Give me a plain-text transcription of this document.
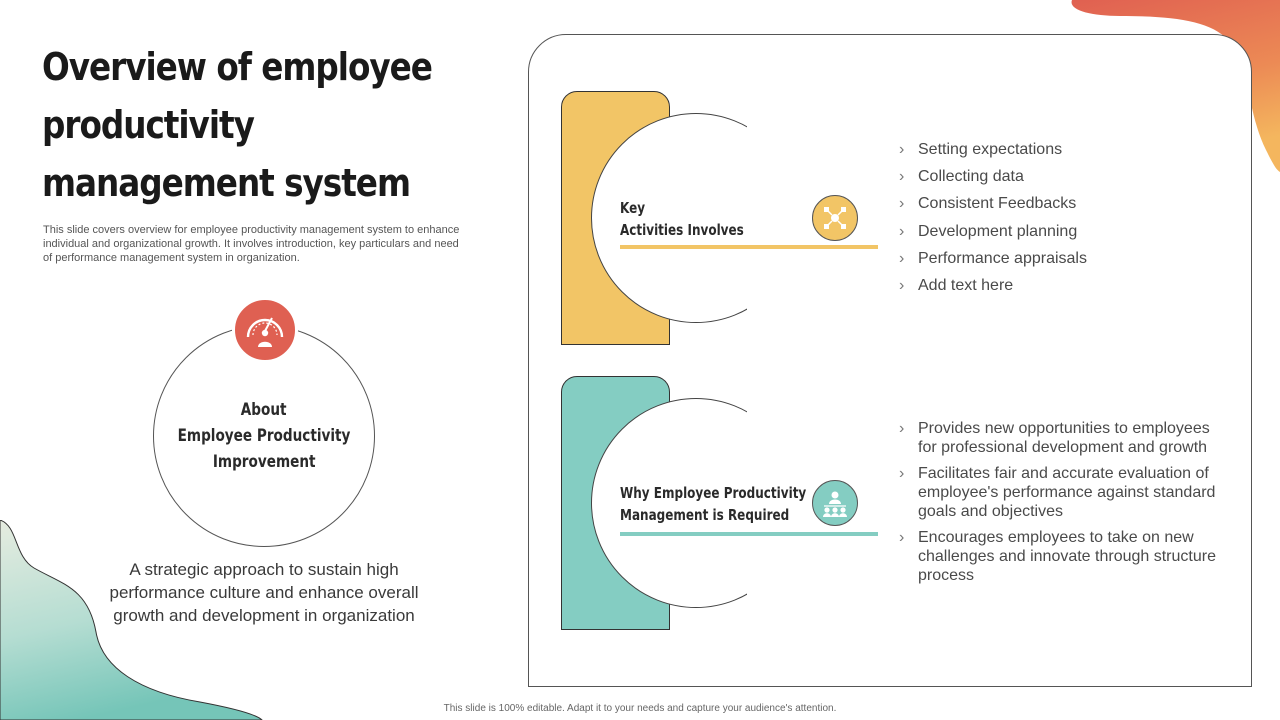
Overview of employee productivity management system
This slide covers overview for employee productivity management system to enhance individual and organizational growth. It involves introduction, key particulars and need of performance management system in organization.
About
Employee Productivity
Improvement
A strategic approach to sustain high performance culture and enhance overall growth and development in organization
Key
Activities Involves
› Setting expectations
› Collecting data
› Consistent Feedbacks
› Development planning
› Performance appraisals
› Add text here
Why Employee Productivity
Management is Required
› Provides new opportunities to employees for professional development and growth
› Facilitates fair and accurate evaluation of employee's performance against standard goals and objectives
› Encourages employees to take on new challenges and innovate through structure process
This slide is 100% editable. Adapt it to your needs and capture your audience's attention.
